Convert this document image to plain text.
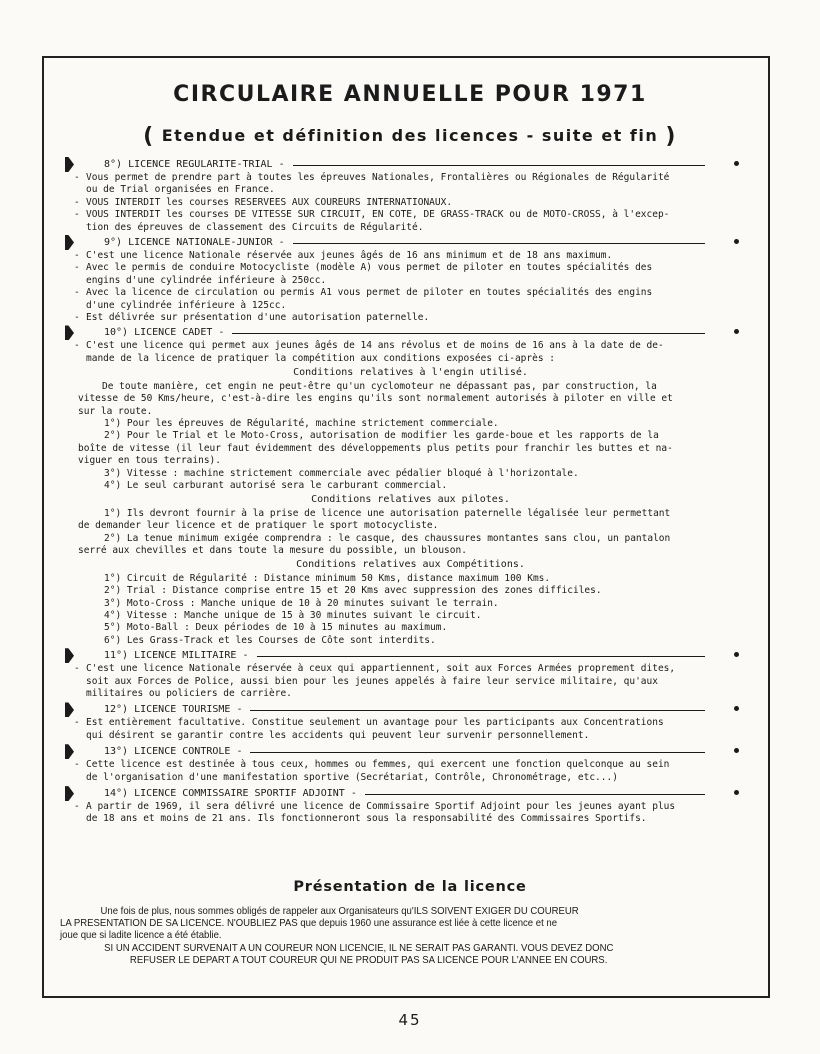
CIRCULAIRE ANNUELLE POUR 1971
( Etendue et définition des licences - suite et fin )
8°) LICENCE REGULARITE-TRIAL -
- Vous permet de prendre part à toutes les épreuves Nationales, Frontalières ou Régionales de Régularité
ou de Trial organisées en France.
- VOUS INTERDIT les courses RESERVEES AUX COUREURS INTERNATIONAUX.
- VOUS INTERDIT les courses DE VITESSE SUR CIRCUIT, EN COTE, DE GRASS-TRACK ou de MOTO-CROSS, à l'excep-
tion des épreuves de classement des Circuits de Régularité.
9°) LICENCE NATIONALE-JUNIOR -
- C'est une licence Nationale réservée aux jeunes âgés de 16 ans minimum et de 18 ans maximum.
- Avec le permis de conduire Motocycliste (modèle A) vous permet de piloter en toutes spécialités des
engins d'une cylindrée inférieure à 250cc.
- Avec la licence de circulation ou permis A1 vous permet de piloter en toutes spécialités des engins
d'une cylindrée inférieure à 125cc.
- Est délivrée sur présentation d'une autorisation paternelle.
10°) LICENCE CADET -
- C'est une licence qui permet aux jeunes âgés de 14 ans révolus et de moins de 16 ans à la date de de-
mande de la licence de pratiquer la compétition aux conditions exposées ci-après :
Conditions relatives à l'engin utilisé.
De toute manière, cet engin ne peut-être qu'un cyclomoteur ne dépassant pas, par construction, la
vitesse de 50 Kms/heure, c'est-à-dire les engins qu'ils sont normalement autorisés à piloter en ville et
sur la route.
1°) Pour les épreuves de Régularité, machine strictement commerciale.
2°) Pour le Trial et le Moto-Cross, autorisation de modifier les garde-boue et les rapports de la
boîte de vitesse (il leur faut évidemment des développements plus petits pour franchir les buttes et na-
viguer en tous terrains).
3°) Vitesse : machine strictement commerciale avec pédalier bloqué à l'horizontale.
4°) Le seul carburant autorisé sera le carburant commercial.
Conditions relatives aux pilotes.
1°) Ils devront fournir à la prise de licence une autorisation paternelle légalisée leur permettant
de demander leur licence et de pratiquer le sport motocycliste.
2°) La tenue minimum exigée comprendra : le casque, des chaussures montantes sans clou, un pantalon
serré aux chevilles et dans toute la mesure du possible, un blouson.
Conditions relatives aux Compétitions.
1°) Circuit de Régularité : Distance minimum 50 Kms, distance maximum 100 Kms.
2°) Trial : Distance comprise entre 15 et 20 Kms avec suppression des zones difficiles.
3°) Moto-Cross : Manche unique de 10 à 20 minutes suivant le terrain.
4°) Vitesse : Manche unique de 15 à 30 minutes suivant le circuit.
5°) Moto-Ball : Deux périodes de 10 à 15 minutes au maximum.
6°) Les Grass-Track et les Courses de Côte sont interdits.
11°) LICENCE MILITAIRE -
- C'est une licence Nationale réservée à ceux qui appartiennent, soit aux Forces Armées proprement dites,
soit aux Forces de Police, aussi bien pour les jeunes appelés à faire leur service militaire, qu'aux
militaires ou policiers de carrière.
12°) LICENCE TOURISME -
- Est entièrement facultative. Constitue seulement un avantage pour les participants aux Concentrations
qui désirent se garantir contre les accidents qui peuvent leur survenir personnellement.
13°) LICENCE CONTROLE -
- Cette licence est destinée à tous ceux, hommes ou femmes, qui exercent une fonction quelconque au sein
de l'organisation d'une manifestation sportive (Secrétariat, Contrôle, Chronométrage, etc...)
14°) LICENCE COMMISSAIRE SPORTIF ADJOINT -
- A partir de 1969, il sera délivré une licence de Commissaire Sportif Adjoint pour les jeunes ayant plus
de 18 ans et moins de 21 ans. Ils fonctionneront sous la responsabilité des Commissaires Sportifs.
Présentation de la licence
Une fois de plus, nous sommes obligés de rappeler aux Organisateurs qu'ILS SOIVENT EXIGER DU COUREUR
LA PRESENTATION DE SA LICENCE. N'OUBLIEZ PAS que depuis 1960 une assurance est liée à cette licence et ne
joue que si ladite licence a été établie.
SI UN ACCIDENT SURVENAIT A UN COUREUR NON LICENCIE, IL NE SERAIT PAS GARANTI. VOUS DEVEZ DONC
REFUSER LE DEPART A TOUT COUREUR QUI NE PRODUIT PAS SA LICENCE POUR L'ANNEE EN COURS.
45
